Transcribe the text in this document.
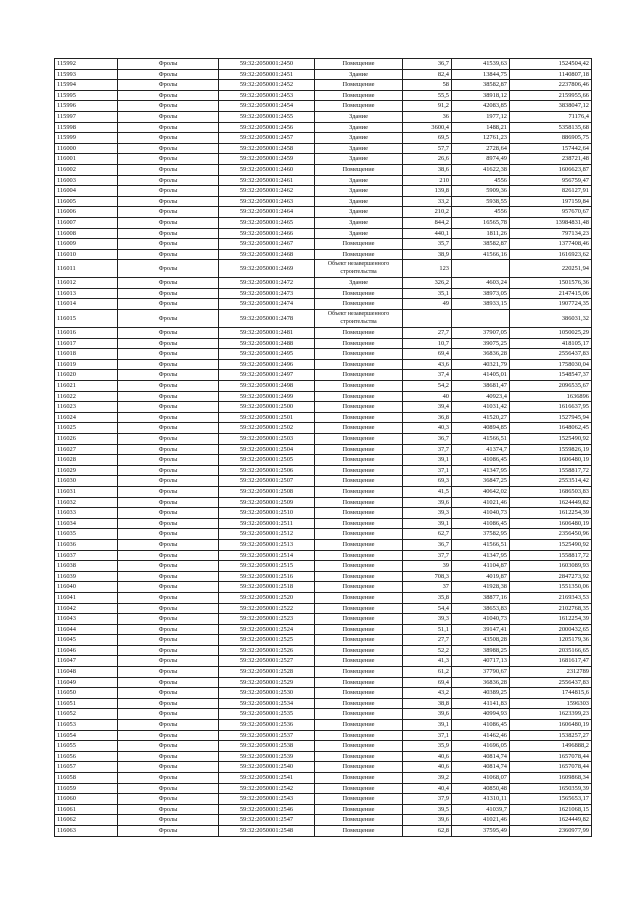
115992	Фролы	59:32:2050001:2450	Помещение	36,7	41539,63	1524504,42
115993	Фролы	59:32:2050001:2451	Здание	82,4	13844,75	1140807,18
115994	Фролы	59:32:2050001:2452	Помещение	58	38582,87	2237806,46
115995	Фролы	59:32:2050001:2453	Помещение	55,5	38918,12	2159955,66
115996	Фролы	59:32:2050001:2454	Помещение	91,2	42083,85	3838047,12
115997	Фролы	59:32:2050001:2455	Здание	36	1977,12	71176,4
115998	Фролы	59:32:2050001:2456	Здание	3600,4	1488,21	5358135,68
115999	Фролы	59:32:2050001:2457	Здание	69,5	12761,23	886905,75
116000	Фролы	59:32:2050001:2458	Здание	57,7	2728,64	157442,64
116001	Фролы	59:32:2050001:2459	Здание	26,6	8974,49	238721,48
116002	Фролы	59:32:2050001:2460	Помещение	38,6	41622,38	1606623,87
116003	Фролы	59:32:2050001:2461	Здание	210	4556	956759,47
116004	Фролы	59:32:2050001:2462	Здание	139,8	5909,36	826127,91
116005	Фролы	59:32:2050001:2463	Здание	33,2	5938,55	197159,84
116006	Фролы	59:32:2050001:2464	Здание	210,2	4556	957670,67
116007	Фролы	59:32:2050001:2465	Здание	844,2	16565,78	13984831,48
116008	Фролы	59:32:2050001:2466	Здание	440,1	1811,26	797134,23
116009	Фролы	59:32:2050001:2467	Помещение	35,7	38582,87	1377408,46
116010	Фролы	59:32:2050001:2468	Помещение	38,9	41566,16	1616923,62
116011	Фролы	59:32:2050001:2469	Объект незавершенного строительства	123		220251,94
116012	Фролы	59:32:2050001:2472	Здание	326,2	4603,24	1501576,36
116013	Фролы	59:32:2050001:2473	Помещение	35,1	38973,05	2147415,06
116014	Фролы	59:32:2050001:2474	Помещение	49	38933,15	1907724,35
116015	Фролы	59:32:2050001:2478	Объект незавершенного строительства			386031,32
116016	Фролы	59:32:2050001:2481	Помещение	27,7	37907,05	1050025,29
116017	Фролы	59:32:2050001:2488	Помещение	10,7	39075,25	418105,17
116018	Фролы	59:32:2050001:2495	Помещение	69,4	36836,28	2556437,83
116019	Фролы	59:32:2050001:2496	Помещение	43,6	40321,79	1758030,04
116020	Фролы	59:32:2050001:2497	Помещение	37,4	41405,01	1548547,37
116021	Фролы	59:32:2050001:2498	Помещение	54,2	38681,47	2096535,67
116022	Фролы	59:32:2050001:2499	Помещение	40	40923,4	1636896
116023	Фролы	59:32:2050001:2500	Помещение	39,4	41031,42	1616637,95
116024	Фролы	59:32:2050001:2501	Помещение	36,8	41520,27	1527945,94
116025	Фролы	59:32:2050001:2502	Помещение	40,3	40894,85	1648062,45
116026	Фролы	59:32:2050001:2503	Помещение	36,7	41566,51	1525490,92
116027	Фролы	59:32:2050001:2504	Помещение	37,7	41374,7	1559826,19
116028	Фролы	59:32:2050001:2505	Помещение	39,1	41086,45	1606480,19
116029	Фролы	59:32:2050001:2506	Помещение	37,1	41347,95	1558817,72
116030	Фролы	59:32:2050001:2507	Помещение	69,3	36847,25	2553514,42
116031	Фролы	59:32:2050001:2508	Помещение	41,5	40642,02	1686503,83
116032	Фролы	59:32:2050001:2509	Помещение	39,6	41021,46	1624449,82
116033	Фролы	59:32:2050001:2510	Помещение	39,3	41040,73	1612254,39
116034	Фролы	59:32:2050001:2511	Помещение	39,1	41086,45	1606480,19
116035	Фролы	59:32:2050001:2512	Помещение	62,7	37582,95	2356450,96
116036	Фролы	59:32:2050001:2513	Помещение	36,7	41566,51	1525490,92
116037	Фролы	59:32:2050001:2514	Помещение	37,7	41347,95	1558817,72
116038	Фролы	59:32:2050001:2515	Помещение	39	41104,87	1603089,93
116039	Фролы	59:32:2050001:2516	Помещение	708,3	4019,87	2847273,92
116040	Фролы	59:32:2050001:2518	Помещение	37	41928,38	1551350,06
116041	Фролы	59:32:2050001:2520	Помещение	35,8	38877,16	2169343,53
116042	Фролы	59:32:2050001:2522	Помещение	54,4	38653,83	2102768,35
116043	Фролы	59:32:2050001:2523	Помещение	39,3	41040,73	1612254,39
116044	Фролы	59:32:2050001:2524	Помещение	51,1	39147,41	2000432,65
116045	Фролы	59:32:2050001:2525	Помещение	27,7	43508,28	1205179,36
116046	Фролы	59:32:2050001:2526	Помещение	52,2	38988,25	2035166,65
116047	Фролы	59:32:2050001:2527	Помещение	41,3	40717,13	1681617,47
116048	Фролы	59:32:2050001:2528	Помещение	61,2	37790,67	2312789
116049	Фролы	59:32:2050001:2529	Помещение	69,4	36836,28	2556437,83
116050	Фролы	59:32:2050001:2530	Помещение	43,2	40389,25	1744815,6
116051	Фролы	59:32:2050001:2534	Помещение	38,8	41141,83	1596303
116052	Фролы	59:32:2050001:2535	Помещение	39,6	40994,93	1623399,23
116053	Фролы	59:32:2050001:2536	Помещение	39,1	41086,45	1606480,19
116054	Фролы	59:32:2050001:2537	Помещение	37,1	41462,46	1538257,27
116055	Фролы	59:32:2050001:2538	Помещение	35,9	41696,05	1496888,2
116056	Фролы	59:32:2050001:2539	Помещение	40,6	40814,74	1657078,44
116057	Фролы	59:32:2050001:2540	Помещение	40,6	40814,74	1657078,44
116058	Фролы	59:32:2050001:2541	Помещение	39,2	41068,07	1609868,34
116059	Фролы	59:32:2050001:2542	Помещение	40,4	40850,48	1650359,39
116060	Фролы	59:32:2050001:2543	Помещение	37,9	41310,11	1565653,17
116061	Фролы	59:32:2050001:2546	Помещение	39,5	41039,7	1621068,15
116062	Фролы	59:32:2050001:2547	Помещение	39,6	41021,46	1624449,82
116063	Фролы	59:32:2050001:2548	Помещение	62,8	37595,49	2360977,99
